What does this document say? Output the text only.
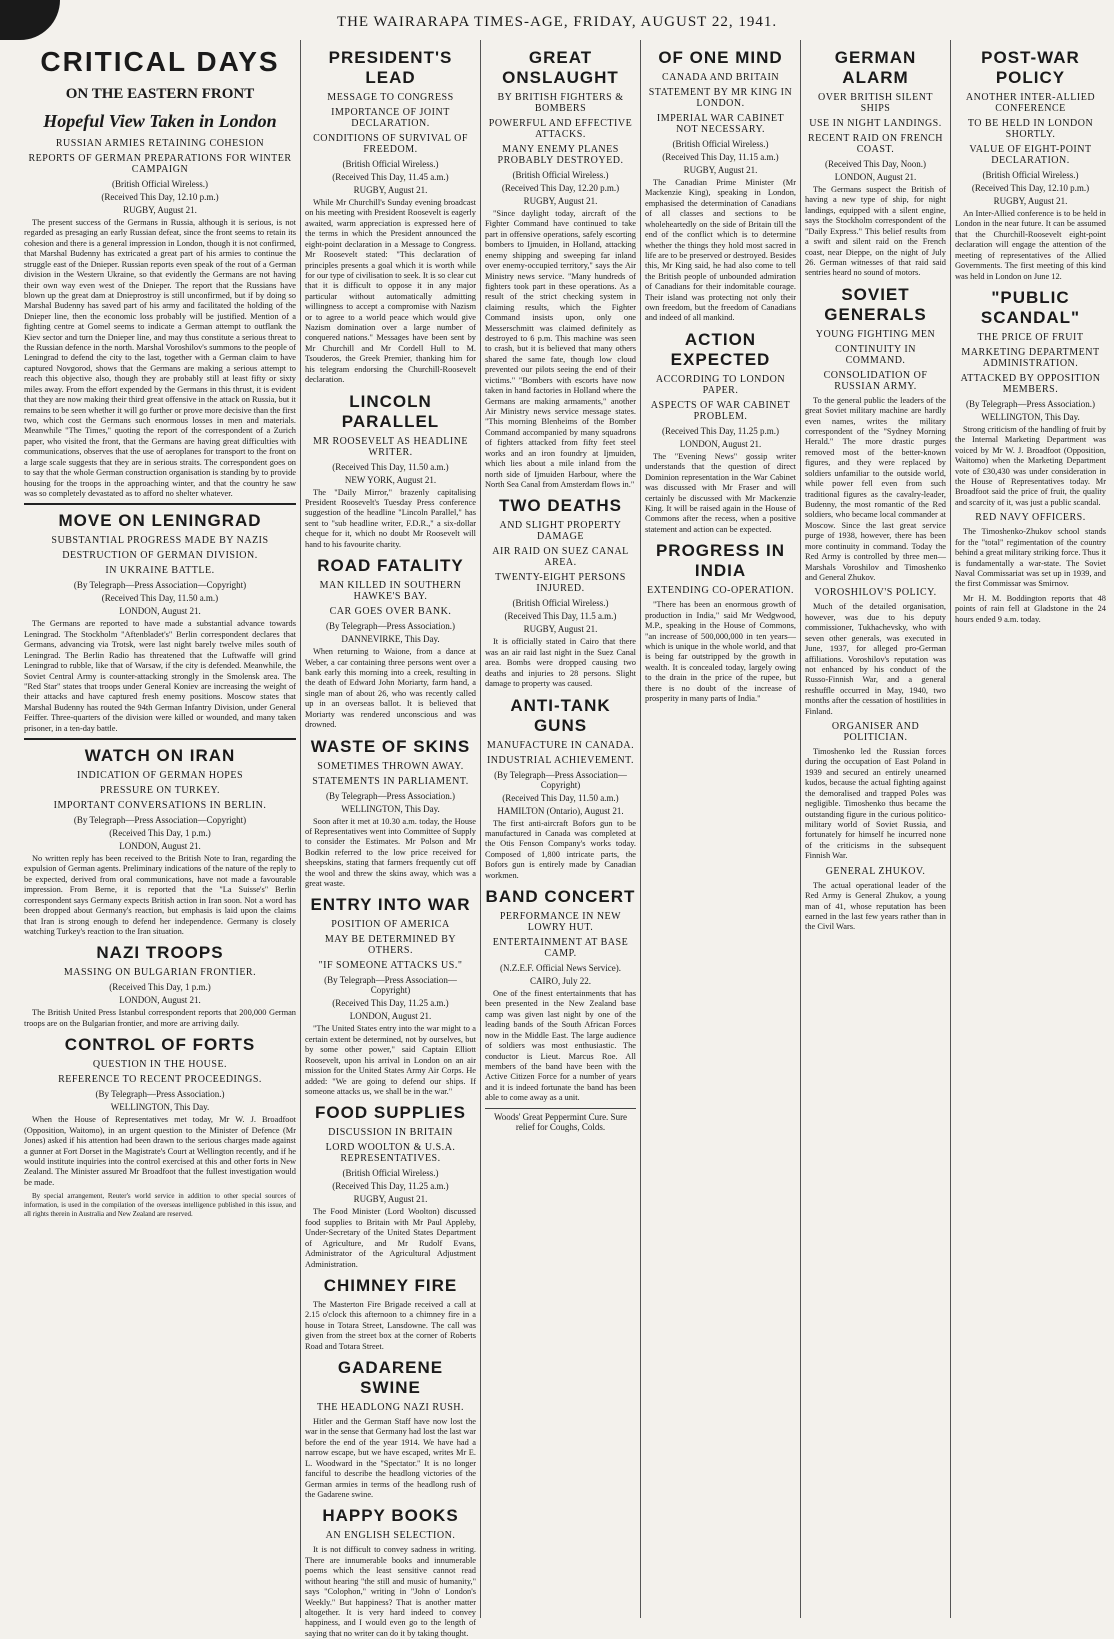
THE WAIRARAPA TIMES-AGE, FRIDAY, AUGUST 22, 1941.
CRITICAL DAYS
ON THE EASTERN FRONT
Hopeful View Taken in London
RUSSIAN ARMIES RETAINING COHESION
REPORTS OF GERMAN PREPARATIONS FOR WINTER CAMPAIGN
(British Official Wireless.)
(Received This Day, 12.10 p.m.)
RUGBY, August 21.

The present success of the Germans in Russia, although it is serious, is not regarded as presaging an early Russian defeat, since the front seems to retain its cohesion and there is a general impression in London, though it is not confirmed, that Marshal Budenny has extricated a great part of his armies to continue the struggle east of the Dnieper. Russian reports even speak of the rout of a German division in the Western Ukraine, so that evidently the Germans are not having their own way even west of the Dnieper. The report that the Russians have blown up the great dam at Dnieprostroy is still unconfirmed, but if by doing so Marshal Budenny has saved part of his army and facilitated the holding of the Dnieper line, then the economic loss probably will be justified. Mention of a fighting centre at Gomel seems to indicate a German attempt to outflank the Kiev sector and turn the Dnieper line, and may thus constitute a serious threat to the Russian defence in the north. Marshal Voroshilov's summons to the people of Leningrad to defend the city to the last, together with a German claim to have captured Novgorod, shows that the Germans are making a serious attempt to reach this objective also, though they are probably still at least fifty or sixty miles away. From the effort expended by the Germans in this thrust, it is evident that they are now making their third great offensive in the attack on Russia, but it remains to be seen whether it will go further or prove more decisive than the first two, which cost the Germans such enormous losses in men and materials. Meanwhile "The Times," quoting the report of the correspondent of a Zurich paper, who visited the front, that the Germans are having great difficulties with communications, observes that the use of aeroplanes for transport to the front on a large scale suggests that they are in serious straits. The correspondent goes on to say that the whole German construction organisation is standing by to provide housing for the troops in the approaching winter, and that the country he saw was so completely devastated as to afford no shelter whatever.

MOVE ON LENINGRAD
SUBSTANTIAL PROGRESS MADE BY NAZIS
DESTRUCTION OF GERMAN DIVISION.
IN UKRAINE BATTLE.
(By Telegraph—Press Association—Copyright)
(Received This Day, 11.50 a.m.)
LONDON, August 21.

The Germans are reported to have made a substantial advance towards Leningrad. The Stockholm "Aftenbladet's" Berlin correspondent declares that Germans, advancing via Trotsk, were last night barely twelve miles south of Leningrad. The Berlin Radio has threatened that the Luftwaffe will grind Leningrad to rubble, like that of Warsaw, if the city is defended. Meanwhile, the Soviet Central Army is counter-attacking strongly in the Smolensk area. The "Red Star" states that troops under General Koniev are increasing the weight of their attacks and have captured fresh enemy positions. Moscow states that Marshal Budenny has routed the 94th German Infantry Division, under General Feiffer. Three-quarters of the division were killed or wounded, and many taken prisoner, in a ten-day battle.

WATCH ON IRAN
INDICATION OF GERMAN HOPES
PRESSURE ON TURKEY.
IMPORTANT CONVERSATIONS IN BERLIN.
(By Telegraph—Press Association—Copyright)
(Received This Day, 1 p.m.)
LONDON, August 21.

No written reply has been received to the British Note to Iran, regarding the expulsion of German agents. Preliminary indications of the nature of the reply to be expected, derived from oral communications, have not made a favourable impression. From Berne, it is reported that the "La Suisse's" Berlin correspondent says Germany expects British action in Iran soon. Not a word has been dropped about Germany's reaction, but emphasis is laid upon the claims that Iran is strong enough to defend her independence. Germany is closely watching Turkey's reaction to the Iran situation.

NAZI TROOPS
MASSING ON BULGARIAN FRONTIER.
(Received This Day, 1 p.m.)
LONDON, August 21.

The British United Press Istanbul correspondent reports that 200,000 German troops are on the Bulgarian frontier, and more are arriving daily.

CONTROL OF FORTS
QUESTION IN THE HOUSE.
REFERENCE TO RECENT PROCEEDINGS.
(By Telegraph—Press Association.)
WELLINGTON, This Day.

When the House of Representatives met today, Mr W. J. Broadfoot (Opposition, Waitomo), in an urgent question to the Minister of Defence (Mr Jones) asked if his attention had been drawn to the serious charges made against a gunner at Fort Dorset in the Magistrate's Court at Wellington recently, and if he would institute inquiries into the control exercised at this and other forts in New Zealand. The Minister assured Mr Broadfoot that the fullest investigation would be made.

By special arrangement, Reuter's world service in addition to other special sources of information, is used in the compilation of the overseas intelligence published in this issue, and all rights therein in Australia and New Zealand are reserved.

PRESIDENT'S LEAD
MESSAGE TO CONGRESS
IMPORTANCE OF JOINT DECLARATION.
CONDITIONS OF SURVIVAL OF FREEDOM.
(British Official Wireless.)
(Received This Day, 11.45 a.m.)
RUGBY, August 21.

While Mr Churchill's Sunday evening broadcast on his meeting with President Roosevelt is eagerly awaited, warm appreciation is expressed here of the terms in which the President announced the eight-point declaration in a Message to Congress. Mr Roosevelt stated: "This declaration of principles presents a goal which it is worth while for our type of civilisation to seek. It is so clear cut that it is difficult to oppose it in any major particular without automatically admitting willingness to accept a compromise with Nazism or to agree to a world peace which would give Nazism domination over a large number of conquered nations." Messages have been sent by Mr Churchill and Mr Cordell Hull to M. Tsouderos, the Greek Premier, thanking him for his telegram endorsing the Churchill-Roosevelt declaration.

LINCOLN PARALLEL
MR ROOSEVELT AS HEADLINE WRITER.
(Received This Day, 11.50 a.m.)
NEW YORK, August 21.

The "Daily Mirror," brazenly capitalising President Roosevelt's Tuesday Press conference suggestion of the headline "Lincoln Parallel," has sent to "sub headline writer, F.D.R.," a six-dollar cheque for it, which no doubt Mr Roosevelt will hand to his favourite charity.

ROAD FATALITY
MAN KILLED IN SOUTHERN HAWKE'S BAY.
CAR GOES OVER BANK.
(By Telegraph—Press Association.)
DANNEVIRKE, This Day.

When returning to Waione, from a dance at Weber, a car containing three persons went over a bank early this morning into a creek, resulting in the death of Edward John Moriarty, farm hand, a single man of about 26, who was recently called up in an overseas ballot. It is believed that Moriarty was rendered unconscious and was drowned.

WASTE OF SKINS
SOMETIMES THROWN AWAY.
STATEMENTS IN PARLIAMENT.
(By Telegraph—Press Association.)
WELLINGTON, This Day.

Soon after it met at 10.30 a.m. today, the House of Representatives went into Committee of Supply to consider the Estimates. Mr Polson and Mr Bodkin referred to the low price received for sheepskins, stating that farmers frequently cut off the wool and threw the skins away, which was a great waste.

ENTRY INTO WAR
POSITION OF AMERICA
MAY BE DETERMINED BY OTHERS.
"IF SOMEONE ATTACKS US."
(By Telegraph—Press Association—Copyright)
(Received This Day, 11.25 a.m.)
LONDON, August 21.

"The United States entry into the war might to a certain extent be determined, not by ourselves, but by some other power," said Captain Elliott Roosevelt, upon his arrival in London on an air mission for the United States Army Air Corps. He added: "We are going to defend our ships. If someone attacks us, we shall be in the war."

FOOD SUPPLIES
DISCUSSION IN BRITAIN
LORD WOOLTON & U.S.A. REPRESENTATIVES.
(British Official Wireless.)
(Received This Day, 11.25 a.m.)
RUGBY, August 21.

The Food Minister (Lord Woolton) discussed food supplies to Britain with Mr Paul Appleby, Under-Secretary of the United States Department of Agriculture, and Mr Rudolf Evans, Administrator of the Agricultural Adjustment Administration.

CHIMNEY FIRE

The Masterton Fire Brigade received a call at 2.15 o'clock this afternoon to a chimney fire in a house in Totara Street, Lansdowne. The call was given from the street box at the corner of Roberts Road and Totara Street.

GADARENE SWINE
THE HEADLONG NAZI RUSH.

Hitler and the German Staff have now lost the war in the sense that Germany had lost the last war before the end of the year 1914. We have had a narrow escape, but we have escaped, writes Mr E. L. Woodward in the "Spectator." It is no longer fanciful to describe the headlong victories of the German armies in terms of the headlong rush of the Gadarene swine.

HAPPY BOOKS
AN ENGLISH SELECTION.

It is not difficult to convey sadness in writing. There are innumerable books and innumerable poems which the least sensitive cannot read without hearing "the still and music of humanity," says "Colophon," writing in "John o' London's Weekly." But happiness? That is another matter altogether. It is very hard indeed to convey happiness, and I would even go to the length of saying that no writer can do it by taking thought.

GREAT ONSLAUGHT
BY BRITISH FIGHTERS & BOMBERS
POWERFUL AND EFFECTIVE ATTACKS.
MANY ENEMY PLANES PROBABLY DESTROYED.
(British Official Wireless.)
(Received This Day, 12.20 p.m.)
RUGBY, August 21.

"Since daylight today, aircraft of the Fighter Command have continued to take part in offensive operations, safely escorting bombers to Ijmuiden, in Holland, attacking enemy shipping and sweeping far inland over enemy-occupied territory," says the Air Ministry news service. "Many hundreds of fighters took part in these operations. As a result of the strict checking system in claiming results, which the Fighter Command insists upon, only one Messerschmitt was claimed definitely as destroyed to 6 p.m. This machine was seen to crash, but it is believed that many others shared the same fate, though low cloud prevented our pilots seeing the end of their victims." "Bombers with escorts have now taken in hand factories in Holland where the Germans are making armaments," another Air Ministry news service message states. "This morning Blenheims of the Bomber Command accompanied by many squadrons of fighters attacked from fifty feet steel works and an iron foundry at Ijmuiden, which lies about a mile inland from the north side of Ijmuiden Harbour, where the North Sea Canal from Amsterdam flows in."

TWO DEATHS
AND SLIGHT PROPERTY DAMAGE
AIR RAID ON SUEZ CANAL AREA.
TWENTY-EIGHT PERSONS INJURED.
(British Official Wireless.)
(Received This Day, 11.5 a.m.)
RUGBY, August 21.

It is officially stated in Cairo that there was an air raid last night in the Suez Canal area. Bombs were dropped causing two deaths and injuries to 28 persons. Slight damage to property was caused.

ANTI-TANK GUNS
MANUFACTURE IN CANADA.
INDUSTRIAL ACHIEVEMENT.
(By Telegraph—Press Association—Copyright)
(Received This Day, 11.50 a.m.)
HAMILTON (Ontario), August 21.

The first anti-aircraft Bofors gun to be manufactured in Canada was completed at the Otis Fenson Company's works today. Composed of 1,800 intricate parts, the Bofors gun is entirely made by Canadian workmen.

BAND CONCERT
PERFORMANCE IN NEW LOWRY HUT.
ENTERTAINMENT AT BASE CAMP.
(N.Z.E.F. Official News Service).
CAIRO, July 22.

One of the finest entertainments that has been presented in the New Zealand base camp was given last night by one of the leading bands of the South African Forces now in the Middle East. The large audience of soldiers was most enthusiastic. The conductor is Lieut. Marcus Roe. All members of the band have been with the Active Citizen Force for a number of years and it is indeed fortunate the band has been able to come away as a unit.

Woods' Great Peppermint Cure. Sure relief for Coughs, Colds.
OF ONE MIND
CANADA AND BRITAIN
STATEMENT BY MR KING IN LONDON.
IMPERIAL WAR CABINET NOT NECESSARY.
(British Official Wireless.)
(Received This Day, 11.15 a.m.)
RUGBY, August 21.

The Canadian Prime Minister (Mr Mackenzie King), speaking in London, emphasised the determination of Canadians of all classes and sections to be wholeheartedly on the side of Britain till the end of the conflict which is to determine whether the things they hold most sacred in life are to be preserved or destroyed. Besides this, Mr King said, he had also come to tell the British people of unbounded admiration of Canadians for their indomitable courage. Their island was protecting not only their own freedom, but the freedom of Canadians and indeed of all mankind.

ACTION EXPECTED
ACCORDING TO LONDON PAPER.
ASPECTS OF WAR CABINET PROBLEM.
(Received This Day, 11.25 p.m.)
LONDON, August 21.

The "Evening News" gossip writer understands that the question of direct Dominion representation in the War Cabinet was discussed with Mr Fraser and will certainly be discussed with Mr Mackenzie King. It will be raised again in the House of Commons after the recess, when a positive statement and action can be expected.

PROGRESS IN INDIA
EXTENDING CO-OPERATION.

"There has been an enormous growth of production in India," said Mr Wedgwood, M.P., speaking in the House of Commons, "an increase of 500,000,000 in ten years—which is unique in the whole world, and that is being far outstripped by the growth in wealth. It is concealed today, largely owing to the drain in the price of the rupee, but there is no doubt of the increase of prosperity in many parts of India."

GERMAN ALARM
OVER BRITISH SILENT SHIPS
USE IN NIGHT LANDINGS.
RECENT RAID ON FRENCH COAST.
(Received This Day, Noon.)
LONDON, August 21.

The Germans suspect the British of having a new type of ship, for night landings, equipped with a silent engine, says the Stockholm correspondent of the "Daily Express." This belief results from a swift and silent raid on the French coast, near Dieppe, on the night of July 26. German witnesses of that raid said sentries heard no sound of motors.

SOVIET GENERALS
YOUNG FIGHTING MEN
CONTINUITY IN COMMAND.
CONSOLIDATION OF RUSSIAN ARMY.

To the general public the leaders of the great Soviet military machine are hardly even names, writes the military correspondent of the "Sydney Morning Herald." The more drastic purges removed most of the better-known figures, and they were replaced by soldiers unfamiliar to the outside world, while power fell even from such traditional figures as the cavalry-leader, Budenny, the most romantic of the Red soldiers, who became local commander at Moscow. Since the last great service purge of 1938, however, there has been more continuity in command. Today the Red Army is controlled by three men—Marshals Voroshilov and Timoshenko and General Zhukov.

VOROSHILOV'S POLICY.

Much of the detailed organisation, however, was due to his deputy commissioner, Tukhachevsky, who with seven other generals, was executed in June, 1937, for alleged pro-German affiliations. Voroshilov's reputation was not enhanced by his conduct of the Russo-Finnish War, and a general reshuffle occurred in May, 1940, two months after the cessation of hostilities in Finland.

ORGANISER AND POLITICIAN.

Timoshenko led the Russian forces during the occupation of East Poland in 1939 and secured an entirely unearned kudos, because the actual fighting against the demoralised and trapped Poles was negligible. Timoshenko thus became the outstanding figure in the curious politico-military world of Soviet Russia, and fortunately for himself he incurred none of the criticisms in the subsequent Finnish War.

GENERAL ZHUKOV.

The actual operational leader of the Red Army is General Zhukov, a young man of 41, whose reputation has been earned in the last few years rather than in the Civil Wars.

POST-WAR POLICY
ANOTHER INTER-ALLIED CONFERENCE
TO BE HELD IN LONDON SHORTLY.
VALUE OF EIGHT-POINT DECLARATION.
(British Official Wireless.)
(Received This Day, 12.10 p.m.)
RUGBY, August 21.

An Inter-Allied conference is to be held in London in the near future. It can be assumed that the Churchill-Roosevelt eight-point declaration will engage the attention of the meeting of representatives of the Allied Governments. The first meeting of this kind was held in London on June 12.

"PUBLIC SCANDAL"
THE PRICE OF FRUIT
MARKETING DEPARTMENT ADMINISTRATION.
ATTACKED BY OPPOSITION MEMBERS.
(By Telegraph—Press Association.)
WELLINGTON, This Day.

Strong criticism of the handling of fruit by the Internal Marketing Department was voiced by Mr W. J. Broadfoot (Opposition, Waitomo) when the Marketing Department vote of £30,430 was under consideration in the House of Representatives today. Mr Broadfoot said the price of fruit, the quality and scarcity of it, was just a public scandal.

RED NAVY OFFICERS.

The Timoshenko-Zhukov school stands for the "total" regimentation of the country behind a great military striking force. Thus it is fundamentally a war-state. The Soviet Naval Commissariat was set up in 1939, and the first Commissar was Smirnov.

Mr H. M. Boddington reports that 48 points of rain fell at Gladstone in the 24 hours ended 9 a.m. today.
